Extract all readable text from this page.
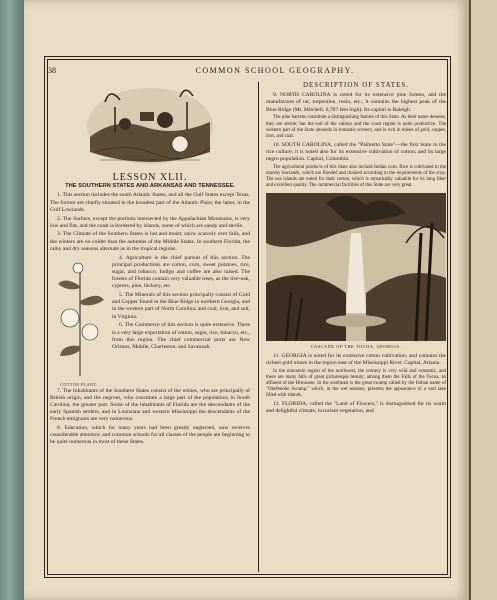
38	COMMON SCHOOL GEOGRAPHY.
LESSON XLII.
THE SOUTHERN STATES AND ARKANSAS AND TENNESSEE.

1. This section includes the south Atlantic States, and all the Gulf States except Texas. The former are chiefly situated in the broadest part of the Atlantic Plain; the latter, in the Gulf Lowlands.

2. The Surface, except the portions intersected by the Appalachian Mountains, is very low and flat, and the coast is bordered by islands, some of which are sandy and sterile.

3. The Climate of the Southern States is hot and moist; snow scarcely ever falls, and the winters are no colder than the autumns of the Middle States. In southern Florida, the rainy and dry seasons alternate as in the tropical regions.

COTTON PLANT.

4. Agriculture is the chief pursuit of this section. The principal productions are cotton, corn, sweet potatoes, rice, sugar, and tobacco. Indigo and coffee are also raised. The forests of Florida contain very valuable trees, as the live-oak, cypress, pine, hickory, etc.

5. The Minerals of this section principally consist of Gold and Copper found in the Blue Ridge in northern Georgia, and in the western part of North Carolina; and coal, iron, and salt, in Virginia.

6. The Commerce of this section is quite extensive. There is a very large exportation of cotton, sugar, rice, tobacco, etc., from this region. The chief commercial ports are New Orleans, Mobile, Charleston, and Savannah.

7. The Inhabitants of the Southern States consist of the whites, who are principally of British origin, and the negroes, who constitute a large part of the population; in South Carolina, the greater part. Some of the inhabitants of Florida are the descendants of the early Spanish settlers, and in Louisiana and western Mississippi the descendants of the French emigrants are very numerous.

8. Education, which for many years had been greatly neglected, now receives considerable attention; and common schools for all classes of the people are beginning to be quite numerous in most of these States.

DESCRIPTION OF STATES.

9. NORTH CAROLINA is noted for its extensive pine forests, and the manufacture of tar, turpentine, rosin, etc.; it contains the highest peak of the Blue Ridge (Mt. Mitchell, 6,707 feet high). Its capital is Raleigh.

The pine barrens constitute a distinguishing feature of this State. As their name denotes, they are sterile; but the soil of the valleys and the coast region is quite productive. The western part of the State abounds in romantic scenery, and is rich in mines of gold, copper, iron, and coal.

10. SOUTH CAROLINA, called the "Palmetto State"—the first State in the rice culture; it is noted also for its extensive cultivation of cotton; and its large negro population. Capital, Columbia.

The agricultural products of this State also include Indian corn. Rice is cultivated in the marshy lowlands, which are flooded and drained according to the requirements of the crop. The sea islands are noted for their cotton, which is remarkably valuable for its long fiber and excellent quality. The commercial facilities of this State are very great.

CASCADE OF THE TOCOA, GEORGIA.

11. GEORGIA is noted for its extensive cotton cultivation; and contains the richest gold mines in the region east of the Mississippi River. Capital, Atlanta.

In the mountain region of the northwest, the scenery is very wild and romantic, and there are many falls of great picturesque beauty; among them the Falls of the Tocoa, an affluent of the Hiwassee. In the southeast is the great swamp called by the Indian name of "Okefenoke Swamp," which, in the wet seasons, presents the appearance of a vast lake filled with islands.

12. FLORIDA, called the "Land of Flowers," is distinguished for its warm and delightful climate, luxuriant vegetation, and
